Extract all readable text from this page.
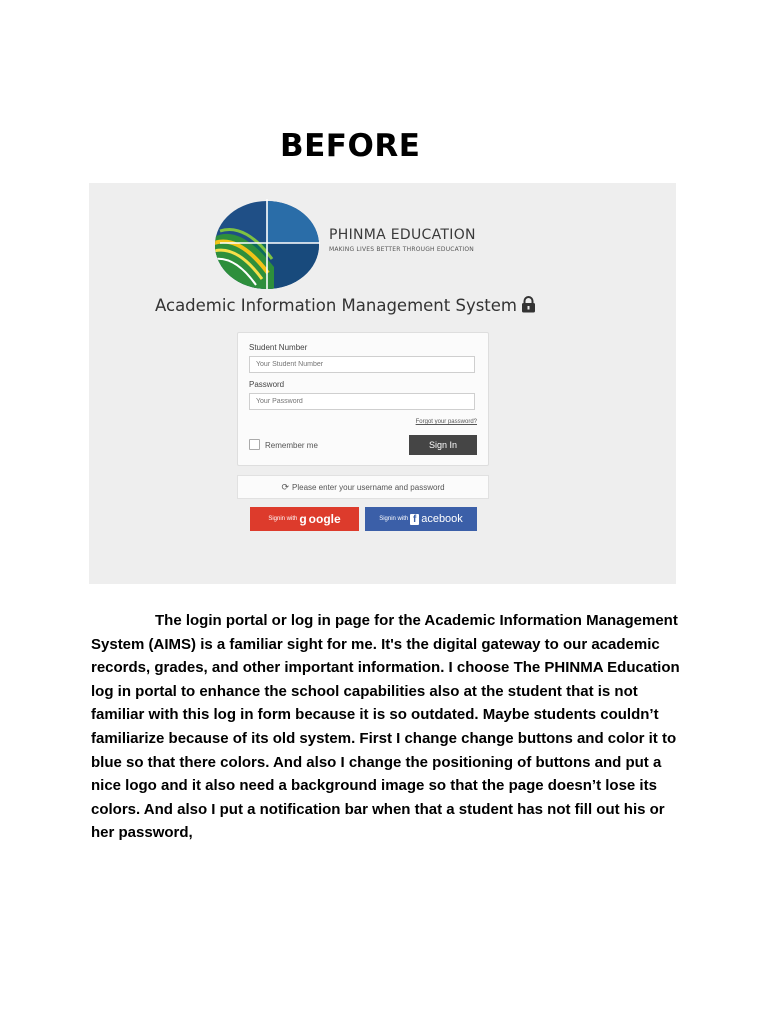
BEFORE
PHINMA EDUCATION
MAKING LIVES BETTER THROUGH EDUCATION
Academic Information Management System
Student Number
Your Student Number
Password
Forgot your password?
Remember me	Sign In
⟳ Please enter your username and password
Signin with g oogle	Signin with f acebook

The login portal or log in page for the Academic Information Management System (AIMS) is a familiar sight for me. It's the digital gateway to our academic records, grades, and other important information. I choose The PHINMA Education log in portal to enhance the school capabilities also at the student that is not familiar with this log in form because it is so outdated. Maybe students couldn’t familiarize because of its old system. First I change change buttons and color it to blue so that there colors. And also I change the positioning of buttons and put a nice logo and it also need a background image so that the page doesn’t lose its colors. And also I put a notification bar when that a student has not fill out his or her password,
